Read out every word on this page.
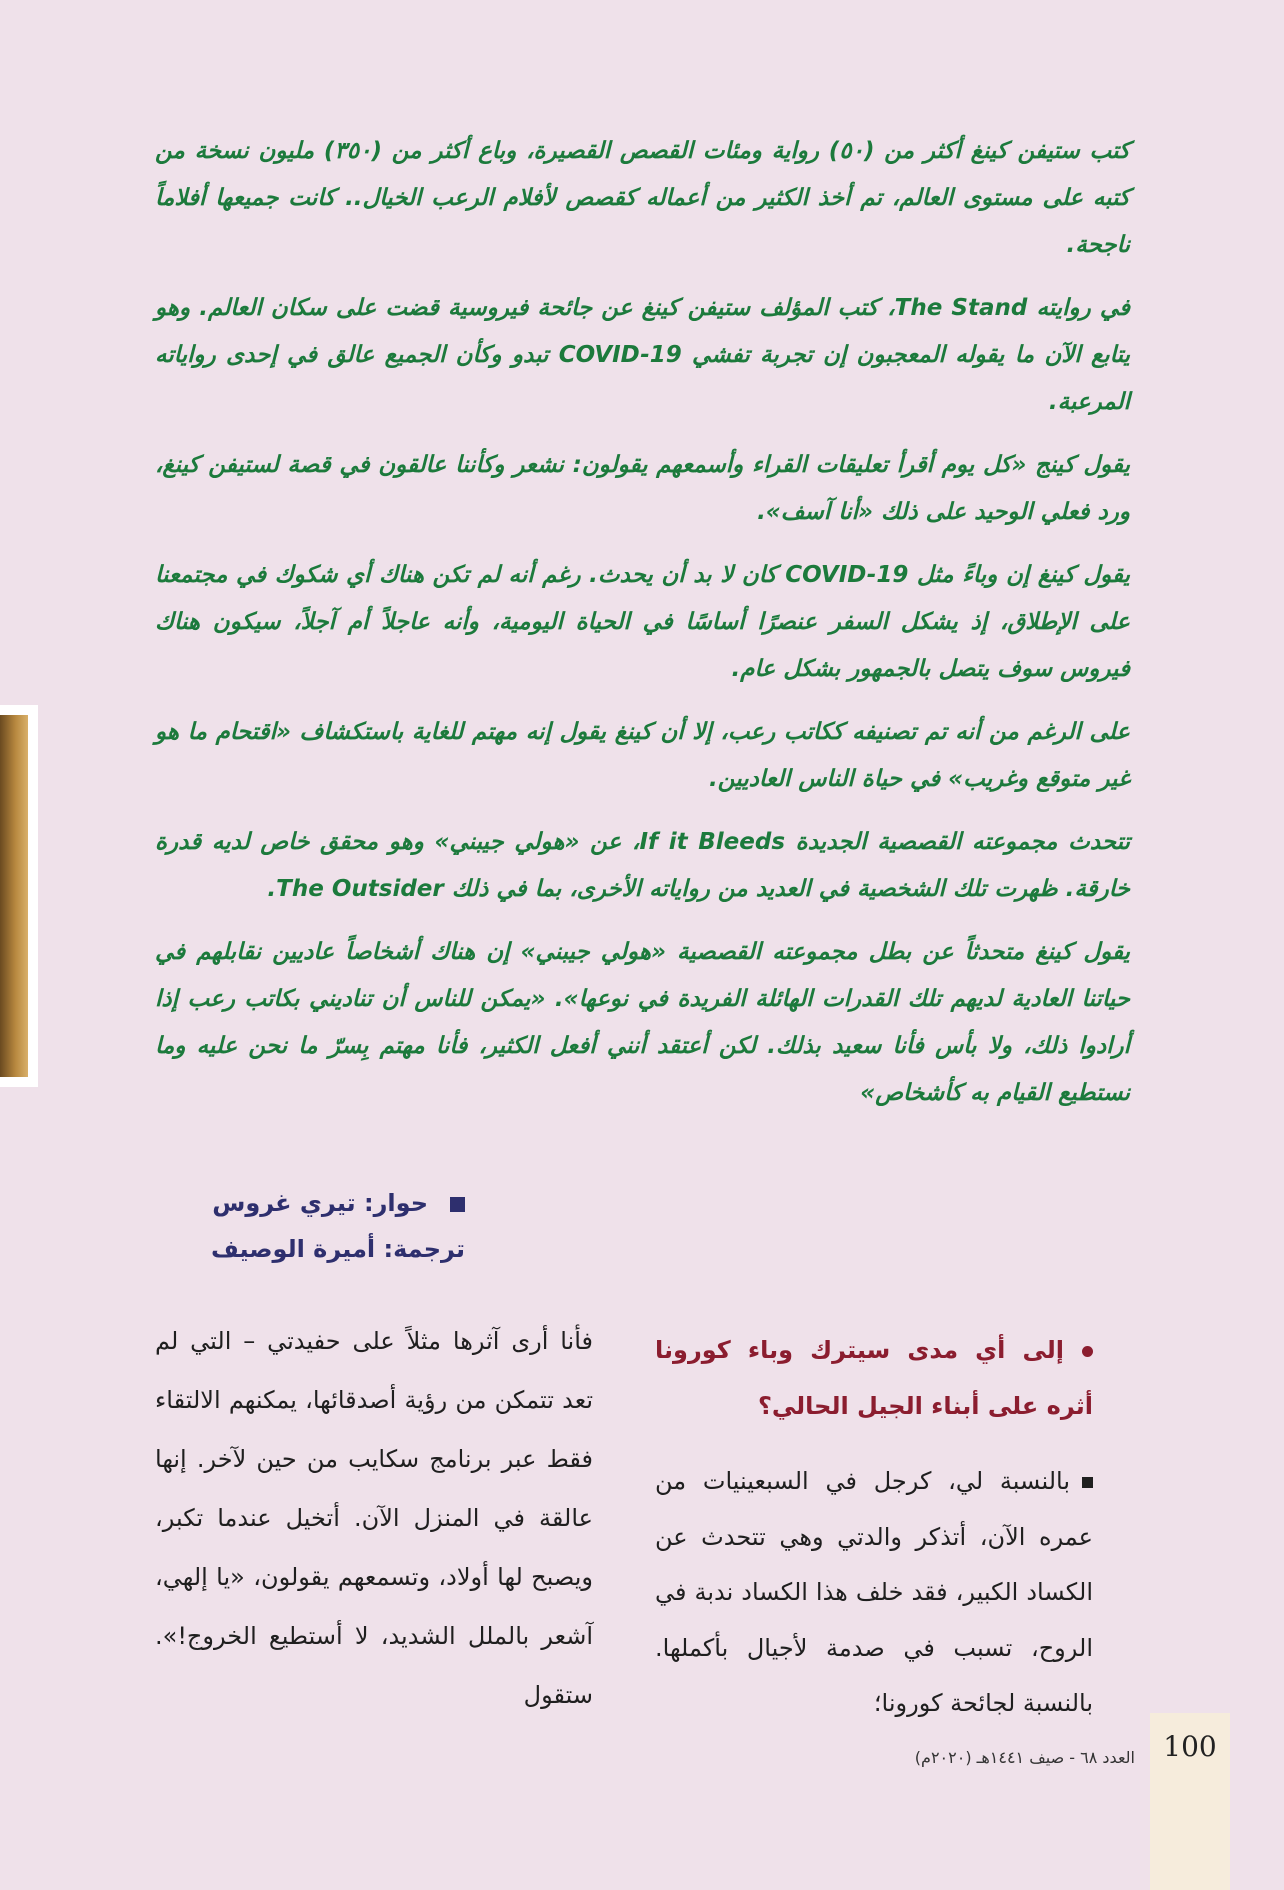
كتب ستيفن كينغ أكثر من (٥٠) رواية ومئات القصص القصيرة، وباع أكثر من (٣٥٠) مليون نسخة من كتبه على مستوى العالم، تم أخذ الكثير من أعماله كقصص لأفلام الرعب الخيال.. كانت جميعها أفلاماً ناجحة.

في روايته The Stand، كتب المؤلف ستيفن كينغ عن جائحة فيروسية قضت على سكان العالم. وهو يتابع الآن ما يقوله المعجبون إن تجربة تفشي COVID-19 تبدو وكأن الجميع عالق في إحدى رواياته المرعبة.

يقول كينج «كل يوم أقرأ تعليقات القراء وأسمعهم يقولون: نشعر وكأننا عالقون في قصة لستيفن كينغ، ورد فعلي الوحيد على ذلك «أنا آسف».

يقول كينغ إن وباءً مثل COVID-19 كان لا بد أن يحدث. رغم أنه لم تكن هناك أي شكوك في مجتمعنا على الإطلاق، إذ يشكل السفر عنصرًا أساسًا في الحياة اليومية، وأنه عاجلاً أم آجلاً، سيكون هناك فيروس سوف يتصل بالجمهور بشكل عام.

على الرغم من أنه تم تصنيفه ككاتب رعب، إلا أن كينغ يقول إنه مهتم للغاية باستكشاف «اقتحام ما هو غير متوقع وغريب» في حياة الناس العاديين.

تتحدث مجموعته القصصية الجديدة If it Bleeds، عن «هولي جيبني» وهو محقق خاص لديه قدرة خارقة. ظهرت تلك الشخصية في العديد من رواياته الأخرى، بما في ذلك The Outsider.

يقول كينغ متحدثاً عن بطل مجموعته القصصية «هولي جيبني» إن هناك أشخاصاً عاديين نقابلهم في حياتنا العادية لديهم تلك القدرات الهائلة الفريدة في نوعها». «يمكن للناس أن تناديني بكاتب رعب إذا أرادوا ذلك، ولا بأس فأنا سعيد بذلك. لكن أعتقد أنني أفعل الكثير، فأنا مهتم بِسرّ ما نحن عليه وما نستطيع القيام به كأشخاص»

حوار: تيري غروس
ترجمة: أميرة الوصيف

إلى أي مدى سيترك وباء كورونا أثره على أبناء الجيل الحالي؟

بالنسبة لي، كرجل في السبعينيات من عمره الآن، أتذكر والدتي وهي تتحدث عن الكساد الكبير، فقد خلف هذا الكساد ندبة في الروح، تسبب في صدمة لأجيال بأكملها. بالنسبة لجائحة كورونا؛

فأنا أرى آثرها مثلاً على حفيدتي – التي لم تعد تتمكن من رؤية أصدقائها، يمكنهم الالتقاء فقط عبر برنامج سكايب من حين لآخر. إنها عالقة في المنزل الآن. أتخيل عندما تكبر، ويصبح لها أولاد، وتسمعهم يقولون، «يا إلهي، آشعر بالملل الشديد، لا أستطيع الخروج!». ستقول

100
العدد ٦٨ - صيف ١٤٤١هـ (٢٠٢٠م)
